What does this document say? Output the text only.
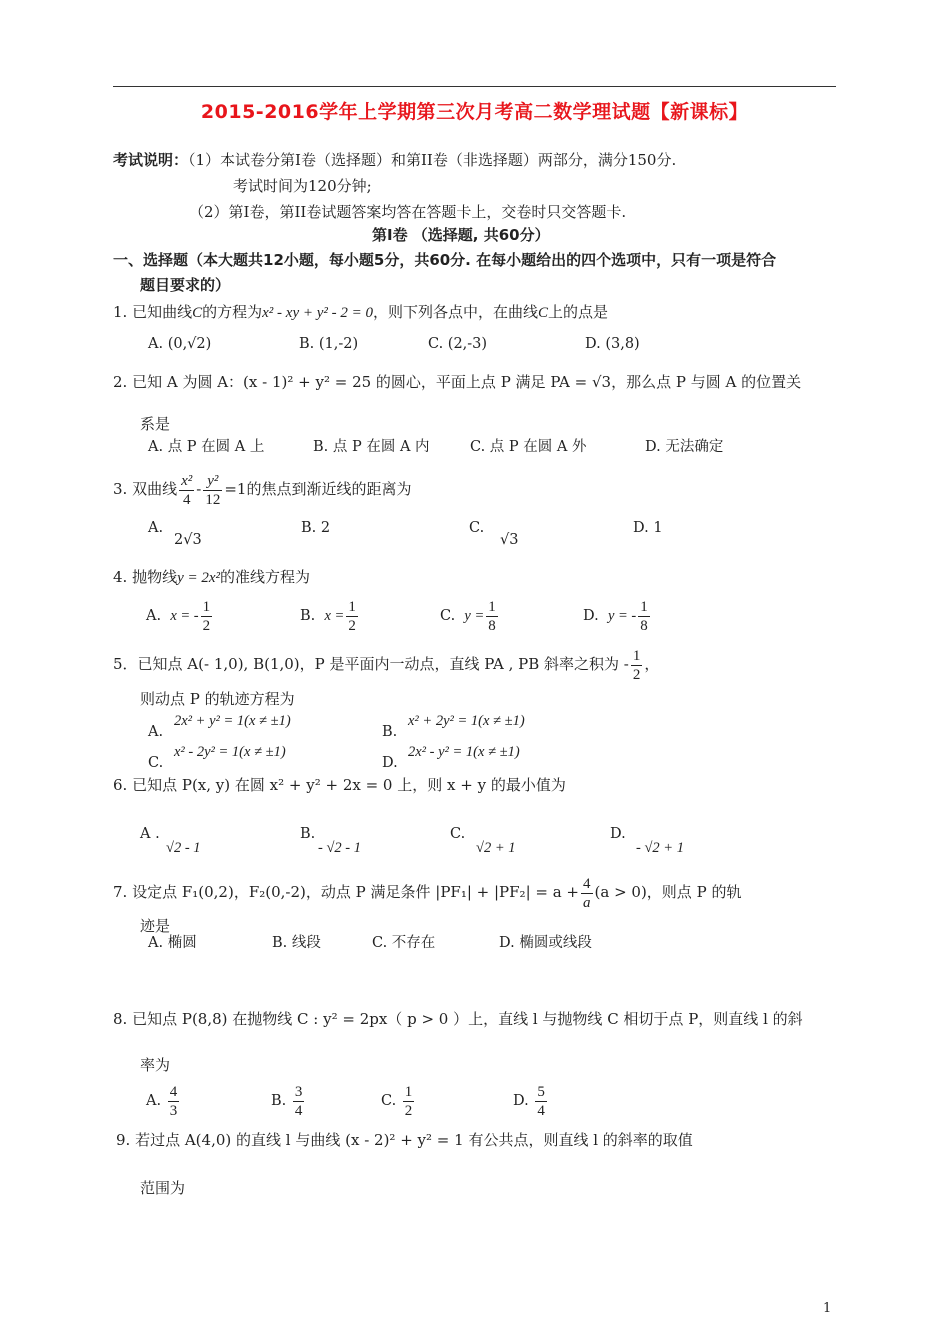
2015-2016学年上学期第三次月考高二数学理试题【新课标】
考试说明：（1）本试卷分第I卷（选择题）和第II卷（非选择题）两部分，满分150分.
考试时间为120分钟;
（2）第I卷，第II卷试题答案均答在答题卡上，交卷时只交答题卡.
第I卷 （选择题, 共60分）
一、选择题（本大题共12小题，每小题5分，共60分. 在每小题给出的四个选项中，只有一项是符合
题目要求的）
1. 已知曲线C的方程为x² - xy + y² - 2 = 0，则下列各点中，在曲线C上的点是
A. (0,√2)	B. (1,-2)	C. (2,-3)	D. (3,8)
2. 已知 A 为圆 A：(x - 1)² + y² = 25 的圆心，平面上点 P 满足 PA = √3，那么点 P 与圆 A 的位置关
系是
A. 点 P 在圆 A 上	B. 点 P 在圆 A 内	C. 点 P 在圆 A 外	D. 无法确定
3. 双曲线 $\frac{\text{x²}}{4} - \frac{\text{y²}}{12} =1$的焦点到渐近线的距离为
A.
2√3
B. 2	C.
√3
D. 1
4. 抛物线y = 2x²的准线方程为
A. x = - $\frac{1}{2}$	B. $x = \frac{1}{2}$	C. $y = \frac{1}{8}$	D. y = - $\frac{1}{8}$
5．已知点 A(- 1,0), B(1,0)，P 是平面内一动点，直线 PA , PB 斜率之积为 - $\frac{1}{2}$ ，
则动点 P 的轨迹方程为
A.
2x² + y² = 1(x ≠ ±1)
B.
x² + 2y² = 1(x ≠ ±1)
C.
x² - 2y² = 1(x ≠ ±1)
D.
2x² - y² = 1(x ≠ ±1)
6. 已知点 P(x, y) 在圆 x² + y² + 2x = 0 上，则 x + y 的最小值为
A .
√2 - 1
B.
- √2 - 1
C.
√2 + 1
D.
- √2 + 1
7. 设定点 F₁(0,2)，F₂(0,-2)，动点 P 满足条件 $|PF_1| + |PF_2| = a + \frac{4}{a} (a > 0)$，则点 P 的轨
迹是
A. 椭圆	B. 线段	C. 不存在	D. 椭圆或线段
8. 已知点 P(8,8) 在抛物线 C : y² = 2px（ p > 0 ）上，直线 l 与抛物线 C 相切于点 P，则直线 l 的斜
率为
A. $\frac{4}{3}$	B. $\frac{3}{4}$	C. $\frac{1}{2}$	D. $\frac{5}{4}$
9. 若过点 A(4,0) 的直线 l 与曲线 (x - 2)² + y² = 1 有公共点，则直线 l 的斜率的取值
范围为
1
